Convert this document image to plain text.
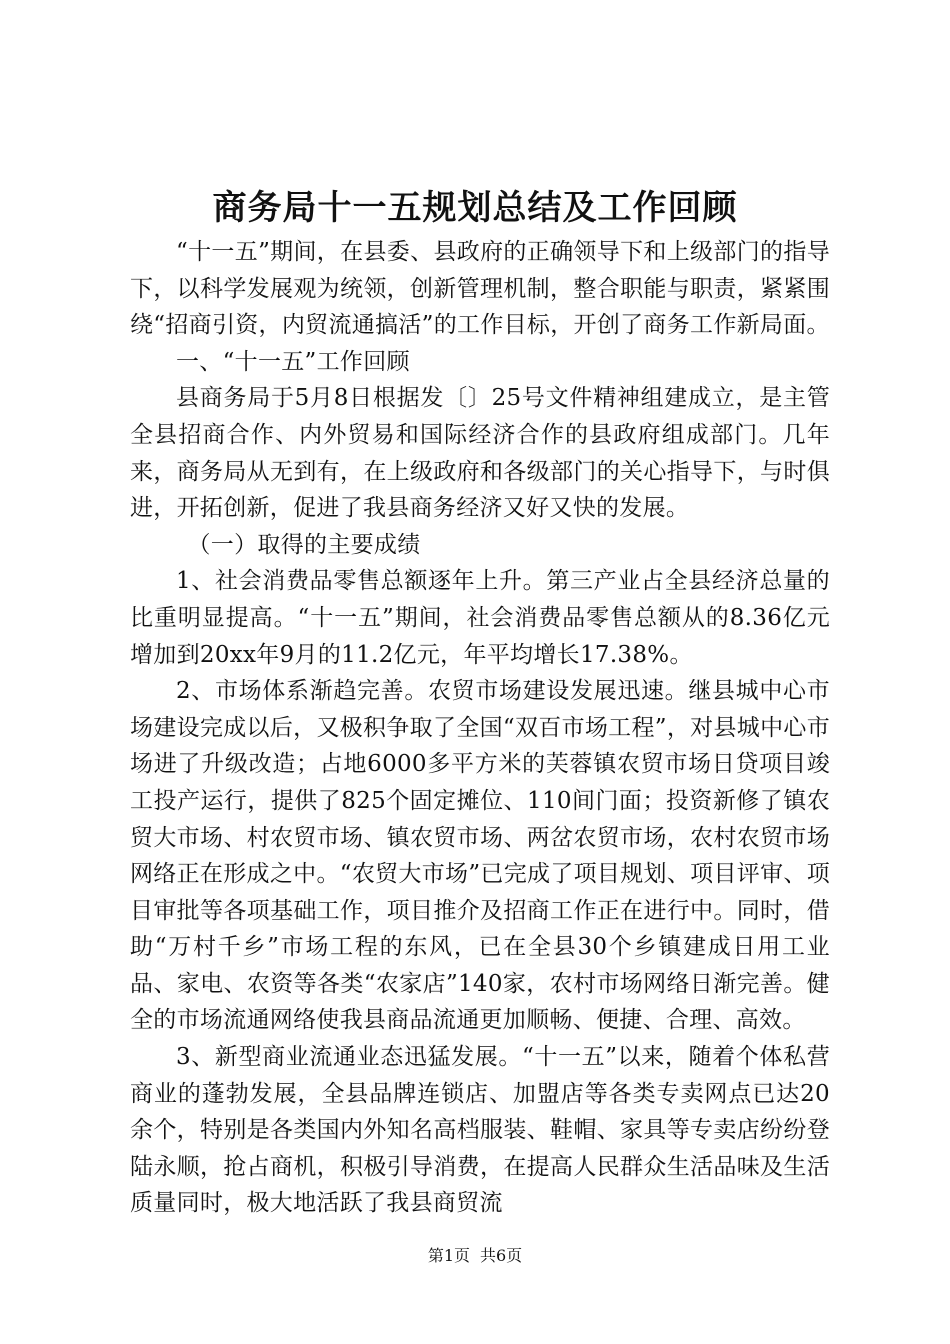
商务局十一五规划总结及工作回顾

“十一五”期间，在县委、县政府的正确领导下和上级部门的指导下，以科学发展观为统领，创新管理机制，整合职能与职责，紧紧围绕“招商引资，内贸流通搞活”的工作目标，开创了商务工作新局面。

一、“十一五”工作回顾

县商务局于5月8日根据发〔〕25号文件精神组建成立，是主管全县招商合作、内外贸易和国际经济合作的县政府组成部门。几年来，商务局从无到有，在上级政府和各级部门的关心指导下，与时俱进，开拓创新，促进了我县商务经济又好又快的发展。

（一）取得的主要成绩

1、社会消费品零售总额逐年上升。第三产业占全县经济总量的比重明显提高。“十一五”期间，社会消费品零售总额从的8.36亿元增加到20xx年9月的11.2亿元，年平均增长17.38%。

2、市场体系渐趋完善。农贸市场建设发展迅速。继县城中心市场建设完成以后，又极积争取了全国“双百市场工程”，对县城中心市场进了升级改造；占地6000多平方米的芙蓉镇农贸市场日贷项目竣工投产运行，提供了825个固定摊位、110间门面；投资新修了镇农贸大市场、村农贸市场、镇农贸市场、两岔农贸市场，农村农贸市场网络正在形成之中。“农贸大市场”已完成了项目规划、项目评审、项目审批等各项基础工作，项目推介及招商工作正在进行中。同时，借助“万村千乡”市场工程的东风，已在全县30个乡镇建成日用工业品、家电、农资等各类“农家店”140家，农村市场网络日渐完善。健全的市场流通网络使我县商品流通更加顺畅、便捷、合理、高效。

3、新型商业流通业态迅猛发展。“十一五”以来，随着个体私营商业的蓬勃发展，全县品牌连锁店、加盟店等各类专卖网点已达20余个，特别是各类国内外知名高档服装、鞋帽、家具等专卖店纷纷登陆永顺，抢占商机，积极引导消费，在提高人民群众生活品味及生活质量同时，极大地活跃了我县商贸流

第1页 共6页
